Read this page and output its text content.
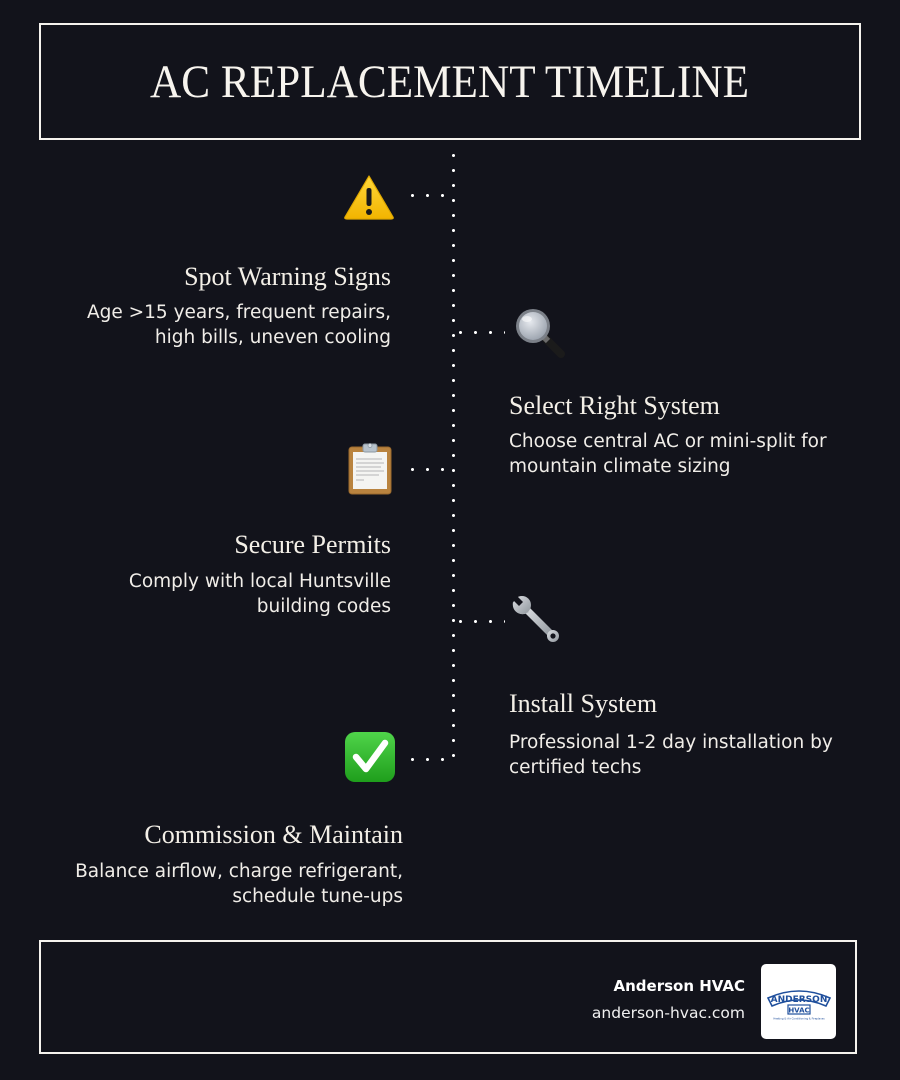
AC REPLACEMENT TIMELINE
Spot Warning Signs
Age >15 years, frequent repairs,
high bills, uneven cooling
Select Right System
Choose central AC or mini-split for
mountain climate sizing
Secure Permits
Comply with local Huntsville
building codes
Install System
Professional 1-2 day installation by
certified techs
Commission & Maintain
Balance airflow, charge refrigerant,
schedule tune-ups
Anderson HVAC
anderson-hvac.com
ANDERSON
HVAC
Heating & Air Conditioning & Fireplaces
